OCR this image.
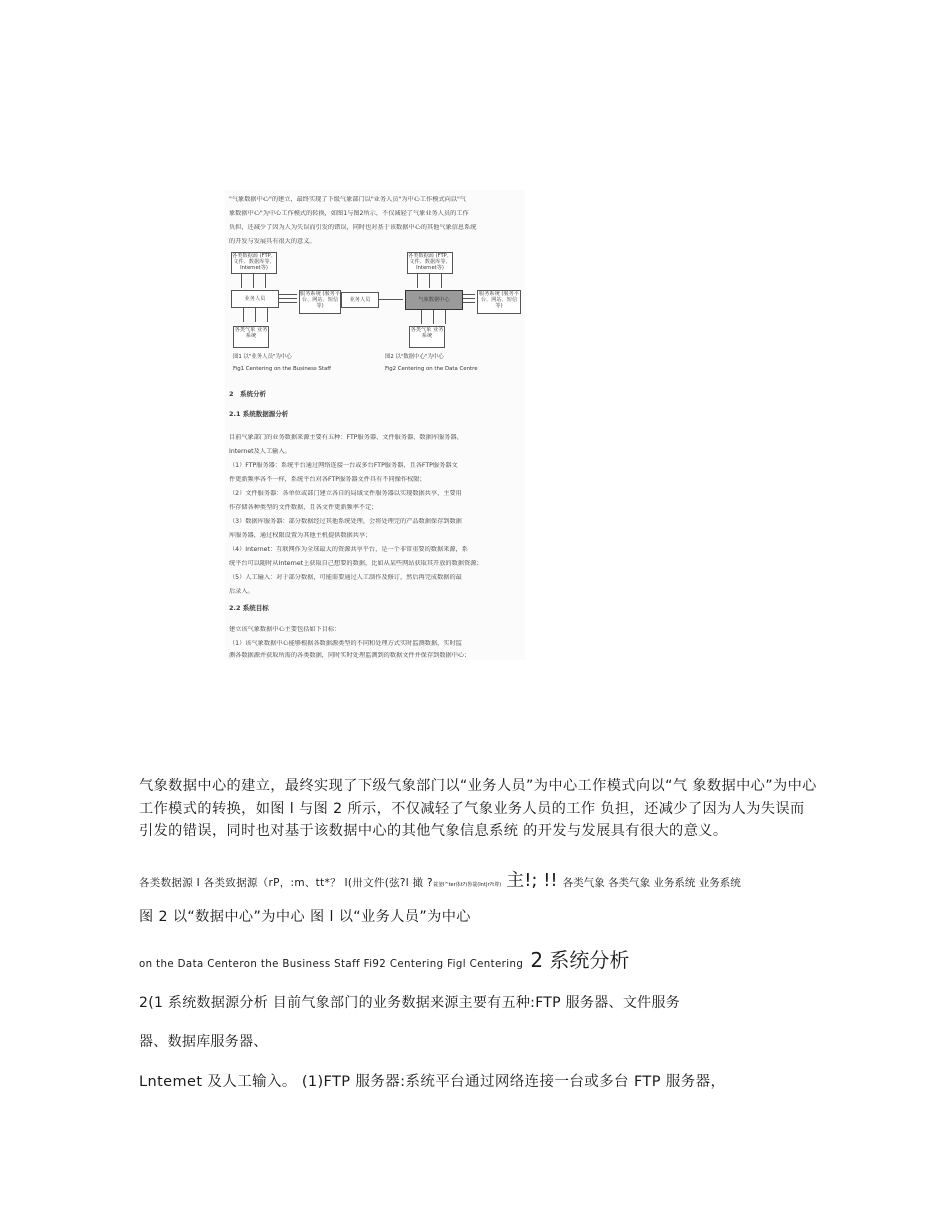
"气象数据中心"的建立，最终实现了下级气象部门以"业务人员"为中心工作模式向以"气
象数据中心"为中心工作模式的转换，如图1与图2所示，不仅减轻了气象业务人员的工作
负担，还减少了因为人为失误而引发的错误，同时也对基于该数据中心的其他气象信息系统
的开发与发展具有很大的意义。
各类数据源 (FTP、文件、数据库等、Internet等)
业务人员
服务系统 (服务平台、网站、短信等)
各类气象 业务系统
图1 以"业务人员"为中心
Fig1 Centering on the Business Staff
各类数据源 (FTP、文件、数据库等、Internet等)
业务人员	气象数据中心
服务系统 (服务平台、网站、短信等)
各类气象 业务系统
图2 以"数据中心"为中心
Fig2 Centering on the Data Centre
2　系统分析
2.1 系统数据源分析
目前气象部门的业务数据来源主要有五种：FTP服务器、文件服务器、数据库服务器、
Internet及人工输入。
（1）FTP服务器：系统平台通过网络连接一台或多台FTP服务器，且各FTP服务器文
件更新频率各不一样，系统平台对各FTP服务器文件具有不同操作权限；
（2）文件服务器：各单位或部门建立各自的局域文件服务器以实现数据共享，主要用
作存储各种类型的文件数据，且各文件更新频率不定；
（3）数据库服务器：部分数据经过其他系统处理，会将处理完的产品数据保存到数据
库服务器，通过权限设置为其他主机提供数据共享；
（4）Internet：互联网作为全球最大的资源共享平台，是一个非常重要的数据来源，系
统平台可以随时从Internet上获取自己想要的数据，比如从某些网站获取其开放的数据资源；
（5）人工输入：对于部分数据，可能需要通过人工制作及修订，然后再完成数据的最
后录入。
2.2 系统目标
建立该气象数据中心主要包括如下目标：
（1）该气象数据中心能够根据各数据源类型的不同和处理方式实时监测数据，实时监
测各数据源并获取所需的各类数据，同时实时处理监测到的数据文件并保存到数据中心；
气象数据中心的建立，最终实现了下级气象部门以“业务人员”为中心工作模式向以“气 象数据中心”为中心工作模式的转换，如图 l 与图 2 所示，不仅减轻了气象业务人员的工作 负担，还减少了因为人为失误而引发的错误，同时也对基于该数据中心的其他气象信息系统 的开发与发展具有很大的意义。
各类数据源 I 各类致据源（rP，:m、tt*？ I(卅文件(弦?l 撖 ?蓑釜I^ter体t?)鲁蓑(Int|r?t尊) 主!; !! 各类气象 各类气象 业务系统 业务系统
图 2 以“数据中心”为中心 图 l 以“业务人员”为中心
on the Data Centeron the Business Staff Fi92 Centering Figl Centering 2 系统分析
2(1 系统数据源分析 目前气象部门的业务数据来源主要有五种:FTP 服务器、文件服务
器、数据库服务器、
Lntemet 及人工输入。 (1)FTP 服务器:系统平台通过网络连接一台或多台 FTP 服务器，
